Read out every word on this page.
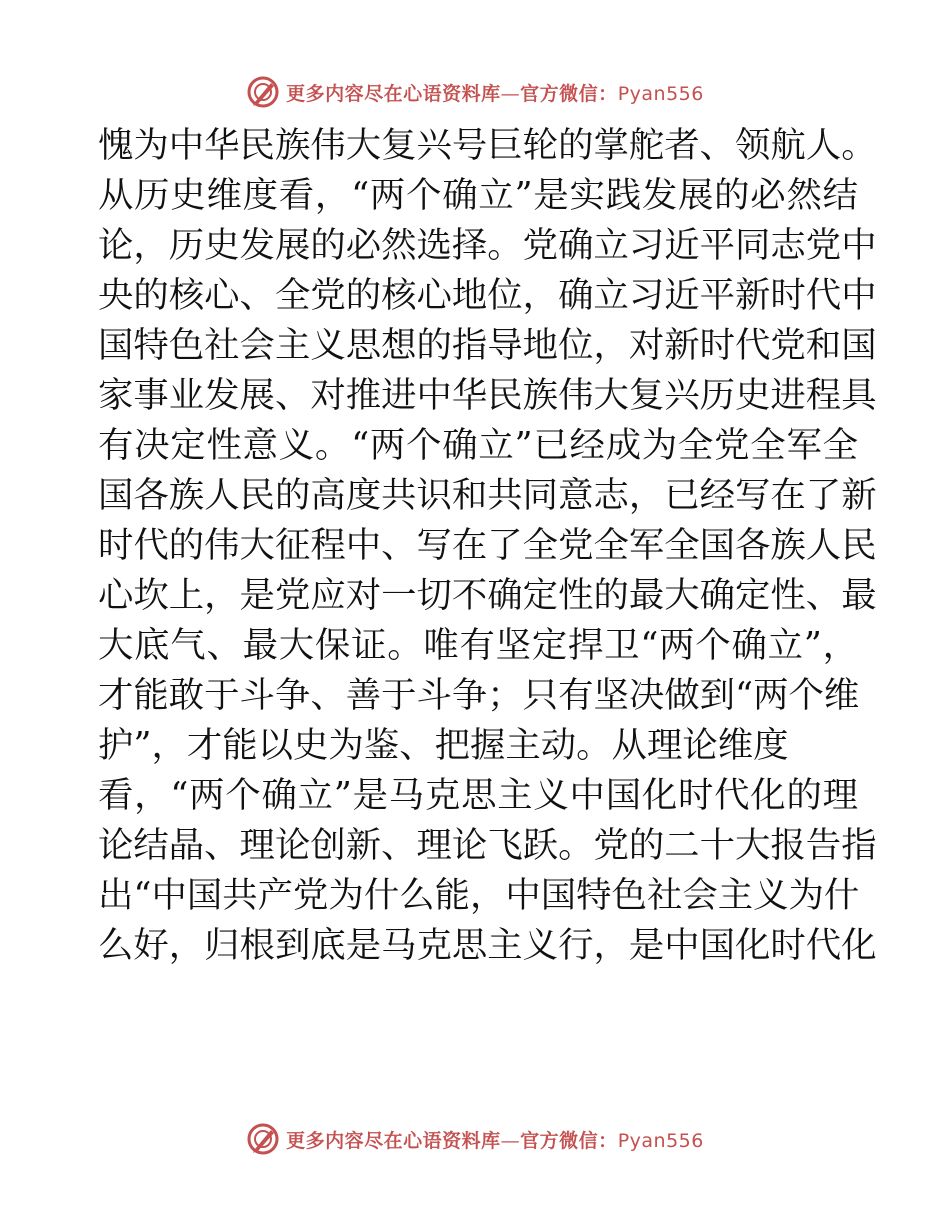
更多内容尽在心语资料库—官方微信：Pyan556
愧为中华民族伟大复兴号巨轮的掌舵者、领航人。
从历史维度看，“两个确立”是实践发展的必然结
论，历史发展的必然选择。党确立习近平同志党中
央的核心、全党的核心地位，确立习近平新时代中
国特色社会主义思想的指导地位，对新时代党和国
家事业发展、对推进中华民族伟大复兴历史进程具
有决定性意义。“两个确立”已经成为全党全军全
国各族人民的高度共识和共同意志，已经写在了新
时代的伟大征程中、写在了全党全军全国各族人民
心坎上，是党应对一切不确定性的最大确定性、最
大底气、最大保证。唯有坚定捍卫“两个确立”，
才能敢于斗争、善于斗争；只有坚决做到“两个维
护”，才能以史为鉴、把握主动。从理论维度
看，“两个确立”是马克思主义中国化时代化的理
论结晶、理论创新、理论飞跃。党的二十大报告指
出“中国共产党为什么能，中国特色社会主义为什
么好，归根到底是马克思主义行，是中国化时代化
更多内容尽在心语资料库—官方微信：Pyan556
